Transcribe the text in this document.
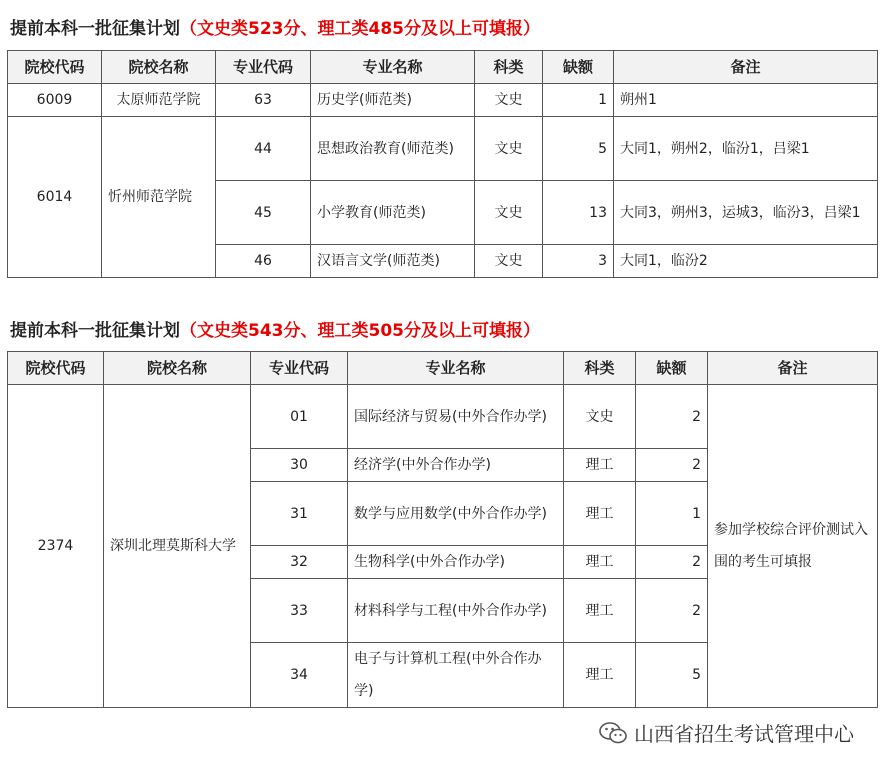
提前本科一批征集计划（文史类523分、理工类485分及以上可填报）
院校代码	院校名称	专业代码	专业名称	科类	缺额	备注
6009	太原师范学院	63	历史学(师范类)	文史	1	朔州1
6014	忻州师范学院	44	思想政治教育(师范类)	文史	5	大同1，朔州2，临汾1，吕梁1
		45	小学教育(师范类)	文史	13	大同3，朔州3，运城3，临汾3，吕梁1
		46	汉语言文学(师范类)	文史	3	大同1，临汾2
提前本科一批征集计划（文史类543分、理工类505分及以上可填报）
院校代码	院校名称	专业代码	专业名称	科类	缺额	备注
2374	深圳北理莫斯科大学	01	国际经济与贸易(中外合作办学)	文史	2	参加学校综合评价测试入围的考生可填报
		30	经济学(中外合作办学)	理工	2	
		31	数学与应用数学(中外合作办学)	理工	1	
		32	生物科学(中外合作办学)	理工	2	
		33	材料科学与工程(中外合作办学)	理工	2	
		34	电子与计算机工程(中外合作办学)	理工	5	
山西省招生考试管理中心
